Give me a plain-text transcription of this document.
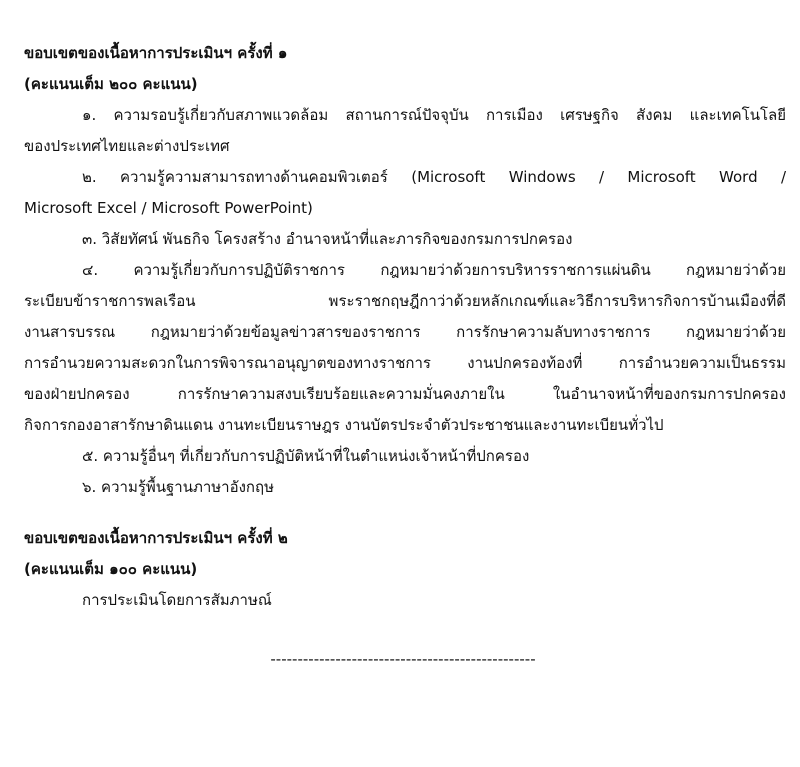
ขอบเขตของเนื้อหาการประเมินฯ ครั้งที่ ๑

(คะแนนเต็ม ๒๐๐ คะแนน)

๑. ความรอบรู้เกี่ยวกับสภาพแวดล้อม สถานการณ์ปัจจุบัน การเมือง เศรษฐกิจ สังคม และเทคโนโลยี

ของประเทศไทยและต่างประเทศ

๒. ความรู้ความสามารถทางด้านคอมพิวเตอร์ (Microsoft Windows / Microsoft Word /

Microsoft Excel / Microsoft PowerPoint)

๓. วิสัยทัศน์ พันธกิจ โครงสร้าง อำนาจหน้าที่และภารกิจของกรมการปกครอง

๔. ความรู้เกี่ยวกับการปฏิบัติราชการ กฎหมายว่าด้วยการบริหารราชการแผ่นดิน กฎหมายว่าด้วย

ระเบียบข้าราชการพลเรือน พระราชกฤษฎีกาว่าด้วยหลักเกณฑ์และวิธีการบริหารกิจการบ้านเมืองที่ดี

งานสารบรรณ กฎหมายว่าด้วยข้อมูลข่าวสารของราชการ การรักษาความลับทางราชการ กฎหมายว่าด้วย

การอำนวยความสะดวกในการพิจารณาอนุญาตของทางราชการ งานปกครองท้องที่ การอำนวยความเป็นธรรม

ของฝ่ายปกครอง การรักษาความสงบเรียบร้อยและความมั่นคงภายใน ในอำนาจหน้าที่ของกรมการปกครอง

กิจการกองอาสารักษาดินแดน งานทะเบียนราษฎร งานบัตรประจำตัวประชาชนและงานทะเบียนทั่วไป

๕. ความรู้อื่นๆ ที่เกี่ยวกับการปฏิบัติหน้าที่ในตำแหน่งเจ้าหน้าที่ปกครอง

๖. ความรู้พื้นฐานภาษาอังกฤษ

ขอบเขตของเนื้อหาการประเมินฯ ครั้งที่ ๒

(คะแนนเต็ม ๑๐๐ คะแนน)

การประเมินโดยการสัมภาษณ์

-------------------------------------------------
